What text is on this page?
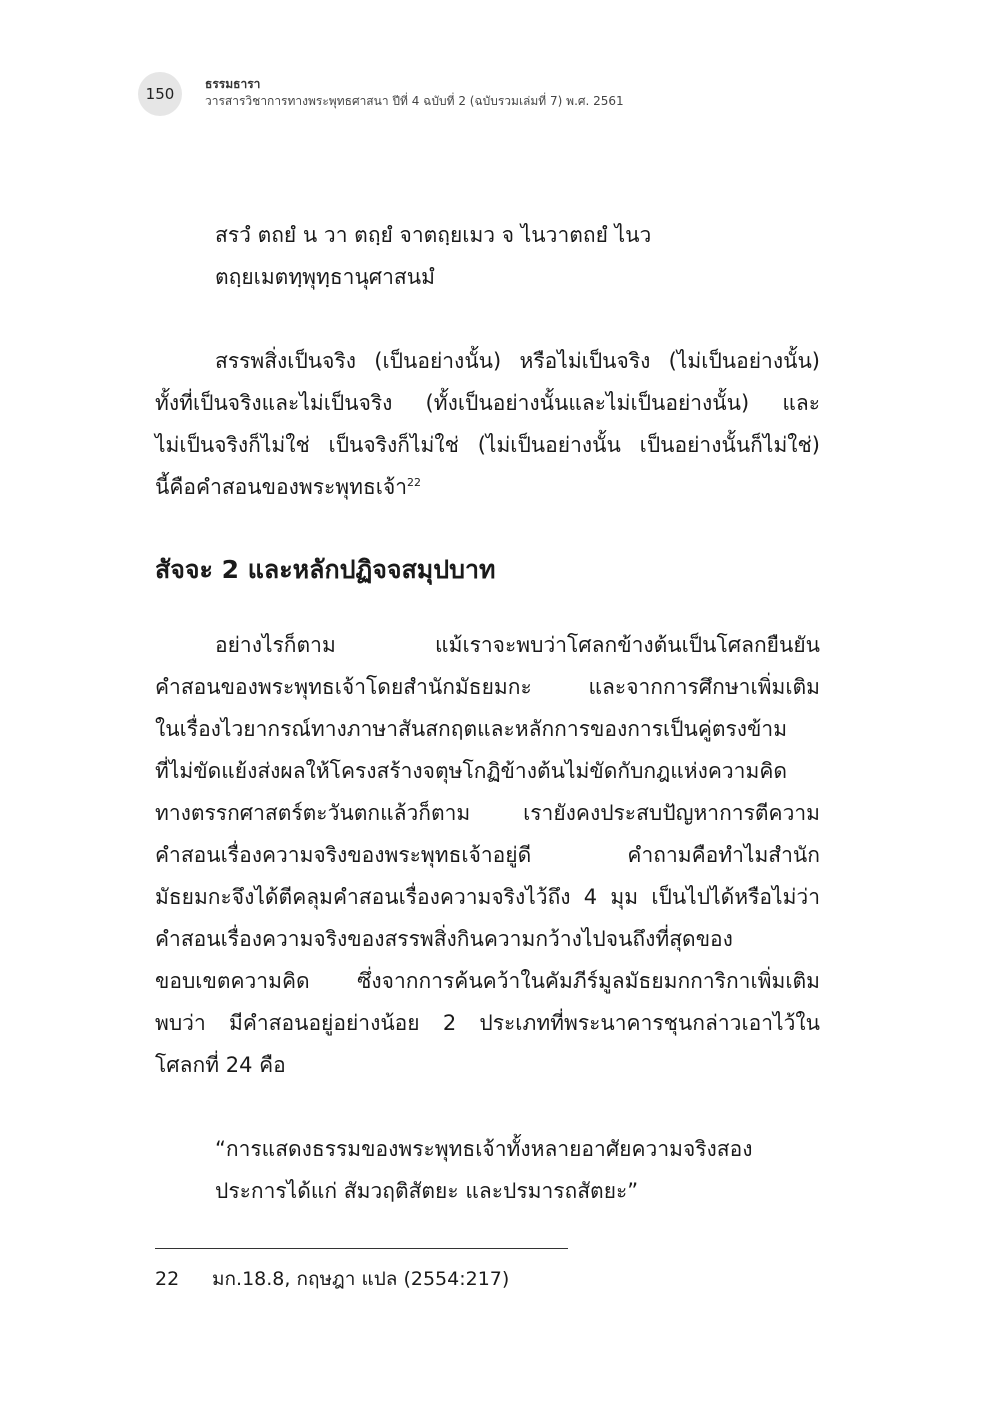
150
ธรรมธารา
วารสารวิชาการทางพระพุทธศาสนา ปีที่ 4 ฉบับที่ 2 (ฉบับรวมเล่มที่ 7) พ.ศ. 2561
สรวํ ตถยํ น วา ตถฺยํ จาตถฺยเมว จ ไนวาตถยํ ไนว
ตถฺยเมตทฺพุทฺธานุศาสนมํ
สรรพสิ่งเป็นจริง (เป็นอย่างนั้น) หรือไม่เป็นจริง (ไม่เป็นอย่างนั้น)
ทั้งที่เป็นจริงและไม่เป็นจริง (ทั้งเป็นอย่างนั้นและไม่เป็นอย่างนั้น) และ
ไม่เป็นจริงก็ไม่ใช่ เป็นจริงก็ไม่ใช่ (ไม่เป็นอย่างนั้น เป็นอย่างนั้นก็ไม่ใช่)
นี้คือคำสอนของพระพุทธเจ้า$^{22}$
สัจจะ 2 และหลักปฏิจจสมุปบาท
อย่างไรก็ตาม แม้เราจะพบว่าโศลกข้างต้นเป็นโศลกยืนยัน
คำสอนของพระพุทธเจ้าโดยสำนักมัธยมกะ และจากการศึกษาเพิ่มเติม
ในเรื่องไวยากรณ์ทางภาษาสันสกฤตและหลักการของการเป็นคู่ตรงข้าม
ที่ไม่ขัดแย้งส่งผลให้โครงสร้างจตุษโกฏิข้างต้นไม่ขัดกับกฎแห่งความคิด
ทางตรรกศาสตร์ตะวันตกแล้วก็ตาม เรายังคงประสบปัญหาการตีความ
คำสอนเรื่องความจริงของพระพุทธเจ้าอยู่ดี คำถามคือทำไมสำนัก
มัธยมกะจึงได้ตีคลุมคำสอนเรื่องความจริงไว้ถึง 4 มุม เป็นไปได้หรือไม่ว่า
คำสอนเรื่องความจริงของสรรพสิ่งกินความกว้างไปจนถึงที่สุดของ
ขอบเขตความคิด ซึ่งจากการค้นคว้าในคัมภีร์มูลมัธยมกการิกาเพิ่มเติม
พบว่า มีคำสอนอยู่อย่างน้อย 2 ประเภทที่พระนาคารชุนกล่าวเอาไว้ใน
โศลกที่ 24 คือ
“การแสดงธรรมของพระพุทธเจ้าทั้งหลายอาศัยความจริงสอง
ประการได้แก่ สัมวฤติสัตยะ และปรมารถสัตยะ”
22	มก.18.8, กฤษฎา แปล (2554:217)
